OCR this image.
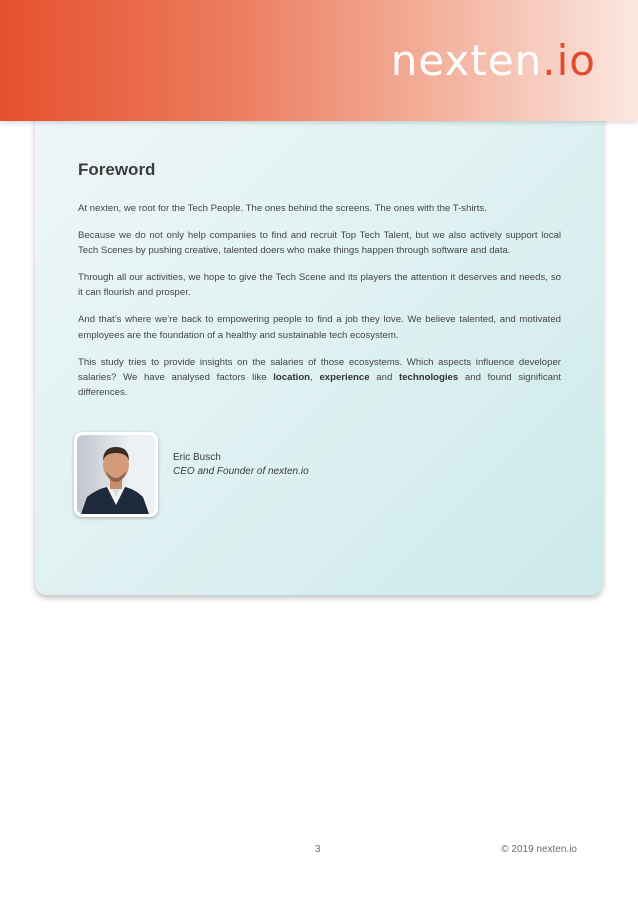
nexten.io
Foreword

At nexten, we root for the Tech People. The ones behind the screens. The ones with the T-shirts.

Because we do not only help companies to find and recruit Top Tech Talent, but we also actively support local Tech Scenes by pushing creative, talented doers who make things happen through software and data.

Through all our activities, we hope to give the Tech Scene and its players the attention it deserves and needs, so it can flourish and prosper.

And that’s where we’re back to empowering people to find a job they love. We believe talented, and motivated employees are the foundation of a healthy and sustainable tech ecosystem.

This study tries to provide insights on the salaries of those ecosystems. Which aspects influence developer salaries? We have analysed factors like location, experience and technologies and found significant differences.

Eric Busch
CEO and Founder of nexten.io
3	© 2019 nexten.io
